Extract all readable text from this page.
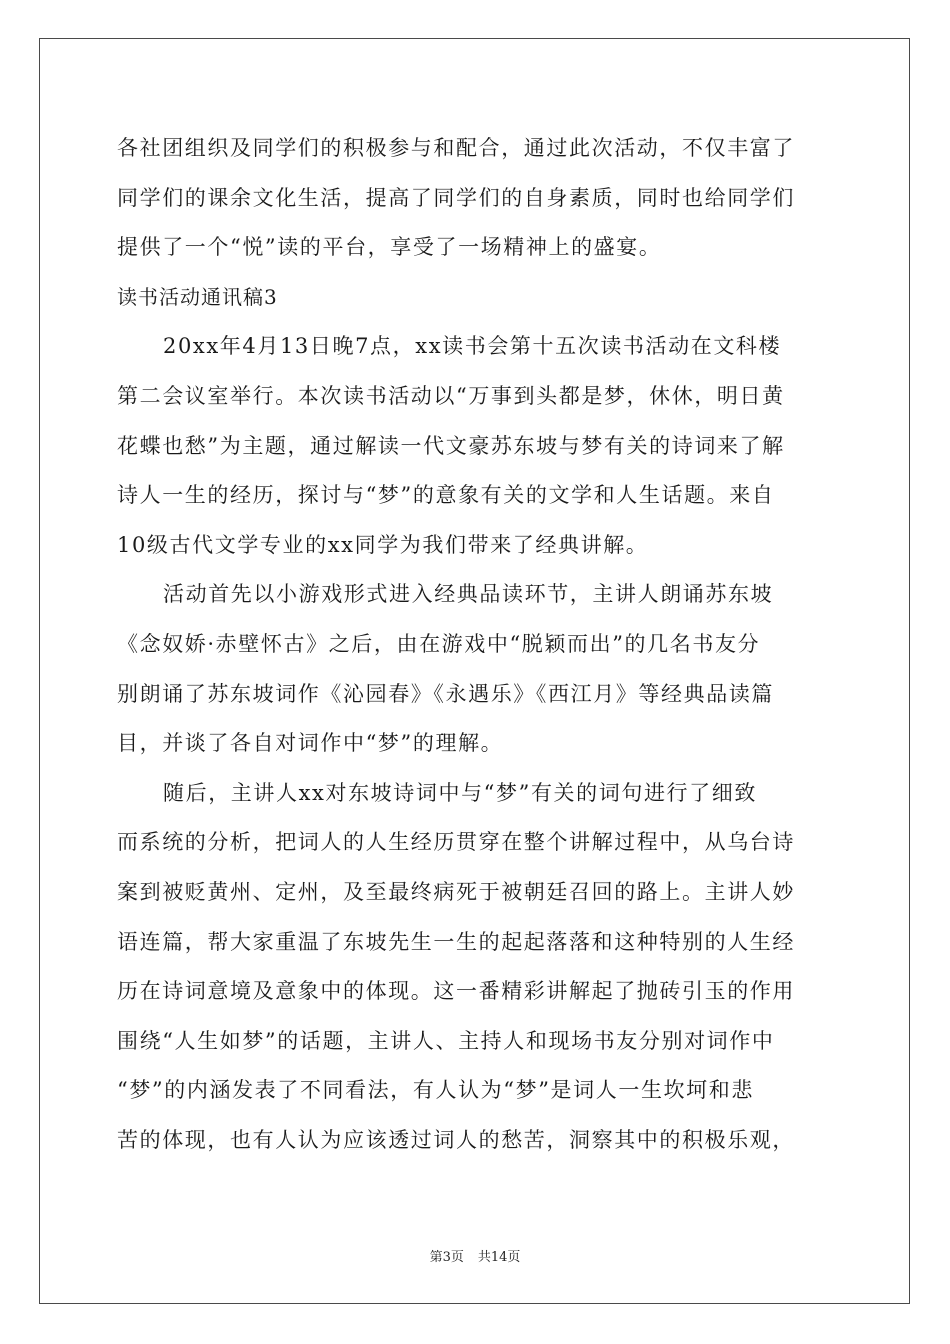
各社团组织及同学们的积极参与和配合，通过此次活动，不仅丰富了
同学们的课余文化生活，提高了同学们的自身素质，同时也给同学们
提供了一个“悦”读的平台，享受了一场精神上的盛宴。
读书活动通讯稿3
20xx年4月13日晚7点，xx读书会第十五次读书活动在文科楼
第二会议室举行。本次读书活动以“万事到头都是梦，休休，明日黄
花蝶也愁”为主题，通过解读一代文豪苏东坡与梦有关的诗词来了解
诗人一生的经历，探讨与“梦”的意象有关的文学和人生话题。来自
10级古代文学专业的xx同学为我们带来了经典讲解。
活动首先以小游戏形式进入经典品读环节，主讲人朗诵苏东坡
《念奴娇·赤壁怀古》之后，由在游戏中“脱颖而出”的几名书友分
别朗诵了苏东坡词作《沁园春》《永遇乐》《西江月》等经典品读篇
目，并谈了各自对词作中“梦”的理解。
随后，主讲人xx对东坡诗词中与“梦”有关的词句进行了细致
而系统的分析，把词人的人生经历贯穿在整个讲解过程中，从乌台诗
案到被贬黄州、定州，及至最终病死于被朝廷召回的路上。主讲人妙
语连篇，帮大家重温了东坡先生一生的起起落落和这种特别的人生经
历在诗词意境及意象中的体现。这一番精彩讲解起了抛砖引玉的作用
围绕“人生如梦”的话题，主讲人、主持人和现场书友分别对词作中
“梦”的内涵发表了不同看法，有人认为“梦”是词人一生坎坷和悲
苦的体现，也有人认为应该透过词人的愁苦，洞察其中的积极乐观，
第3页 共14页
